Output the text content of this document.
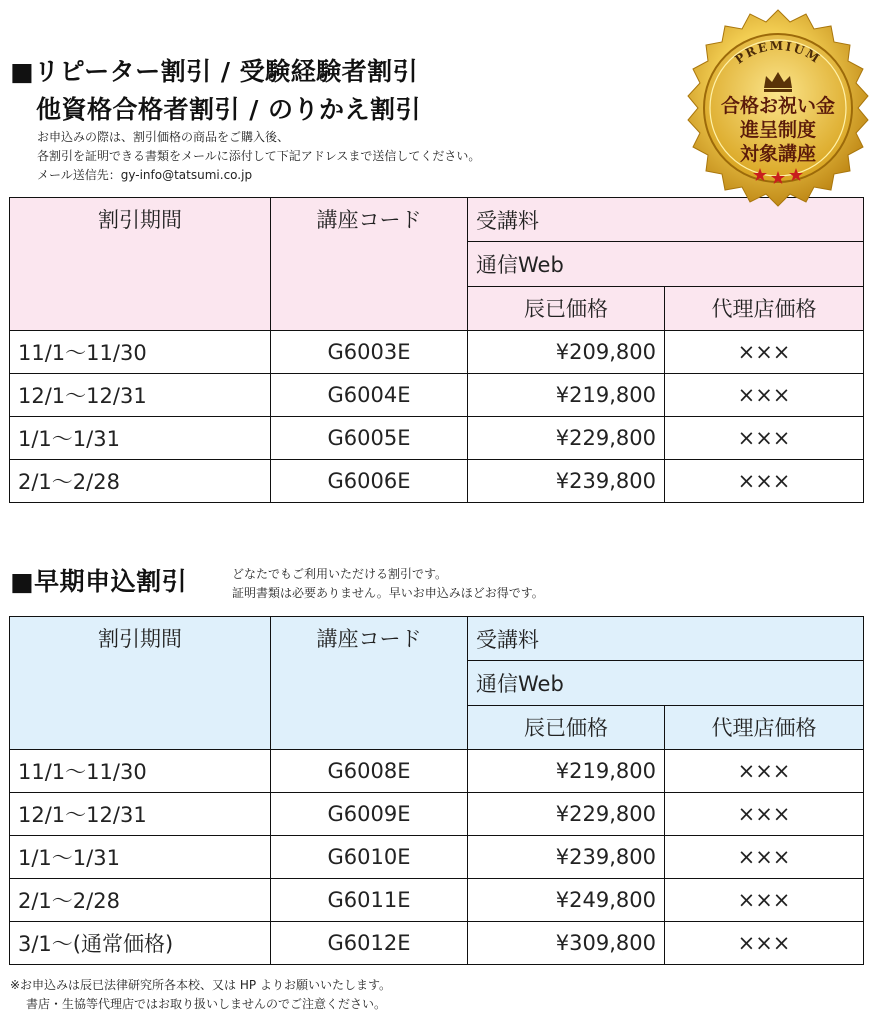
■リピーター割引 / 受験経験者割引
他資格合格者割引 / のりかえ割引
お申込みの際は、割引価格の商品をご購入後、
各割引を証明できる書類をメールに添付して下記アドレスまで送信してください。
メール送信先：gy-info@tatsumi.co.jp
割引期間	講座コード	受講料	
		通信Web	
		辰已価格	代理店価格
11/1～11/30	G6003E	¥209,800	×××
12/1～12/31	G6004E	¥219,800	×××
1/1～1/31	G6005E	¥229,800	×××
2/1～2/28	G6006E	¥239,800	×××
PREMIUM
合格お祝い金
進呈制度
対象講座
■早期申込割引	どなたでもご利用いただける割引です。
証明書類は必要ありません。早いお申込みほどお得です。
割引期間	講座コード	受講料	
		通信Web	
		辰已価格	代理店価格
11/1～11/30	G6008E	¥219,800	×××
12/1～12/31	G6009E	¥229,800	×××
1/1～1/31	G6010E	¥239,800	×××
2/1～2/28	G6011E	¥249,800	×××
3/1～(通常価格)	G6012E	¥309,800	×××
※お申込みは辰已法律研究所各本校、又は HP よりお願いいたします。
書店・生協等代理店ではお取り扱いしませんのでご注意ください。
